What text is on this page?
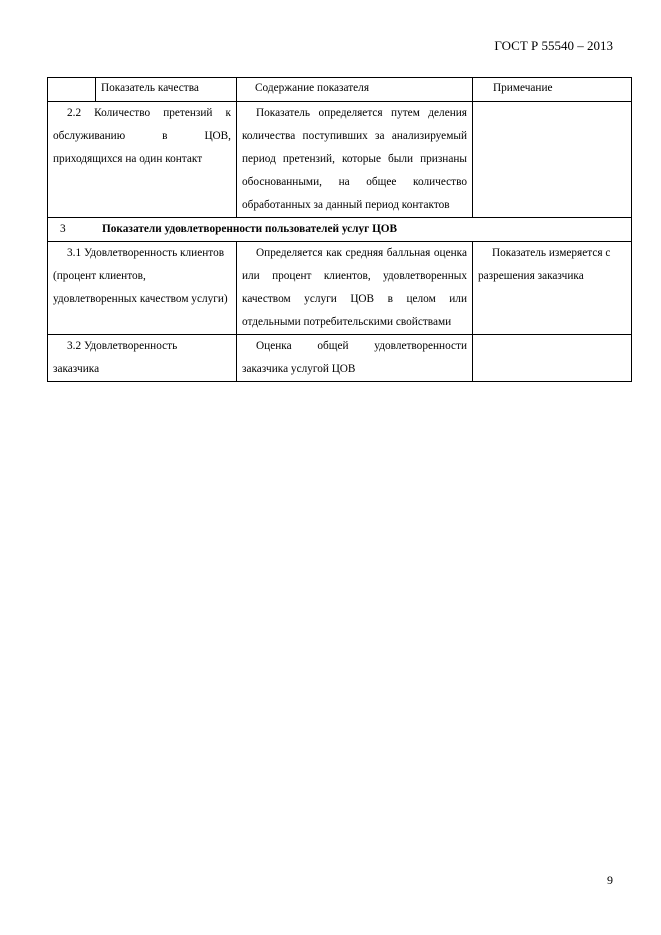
ГОСТ Р 55540 – 2013
	Показатель качества	Содержание показателя	Примечание

2.2 Количество претензий к обслуживанию в ЦОВ, приходящихся на один контакт		Показатель определяется путем деления количества поступивших за анализируемый период претензий, которые были признаны обоснованными, на общее количество обработанных за данный период контактов	

3 Показатели удовлетворенности пользователей услуг ЦОВ			

3.1 Удовлетворенность клиентов (процент клиентов, удовлетворенных качеством услуги)		Определяется как средняя балльная оценка или процент клиентов, удовлетворенных качеством услуги ЦОВ в целом или отдельными потребительскими свойствами	Показатель измеряется с разрешения заказчика

3.2 Удовлетворенность заказчика		Оценка общей удовлетворенности заказчика услугой ЦОВ	

9
